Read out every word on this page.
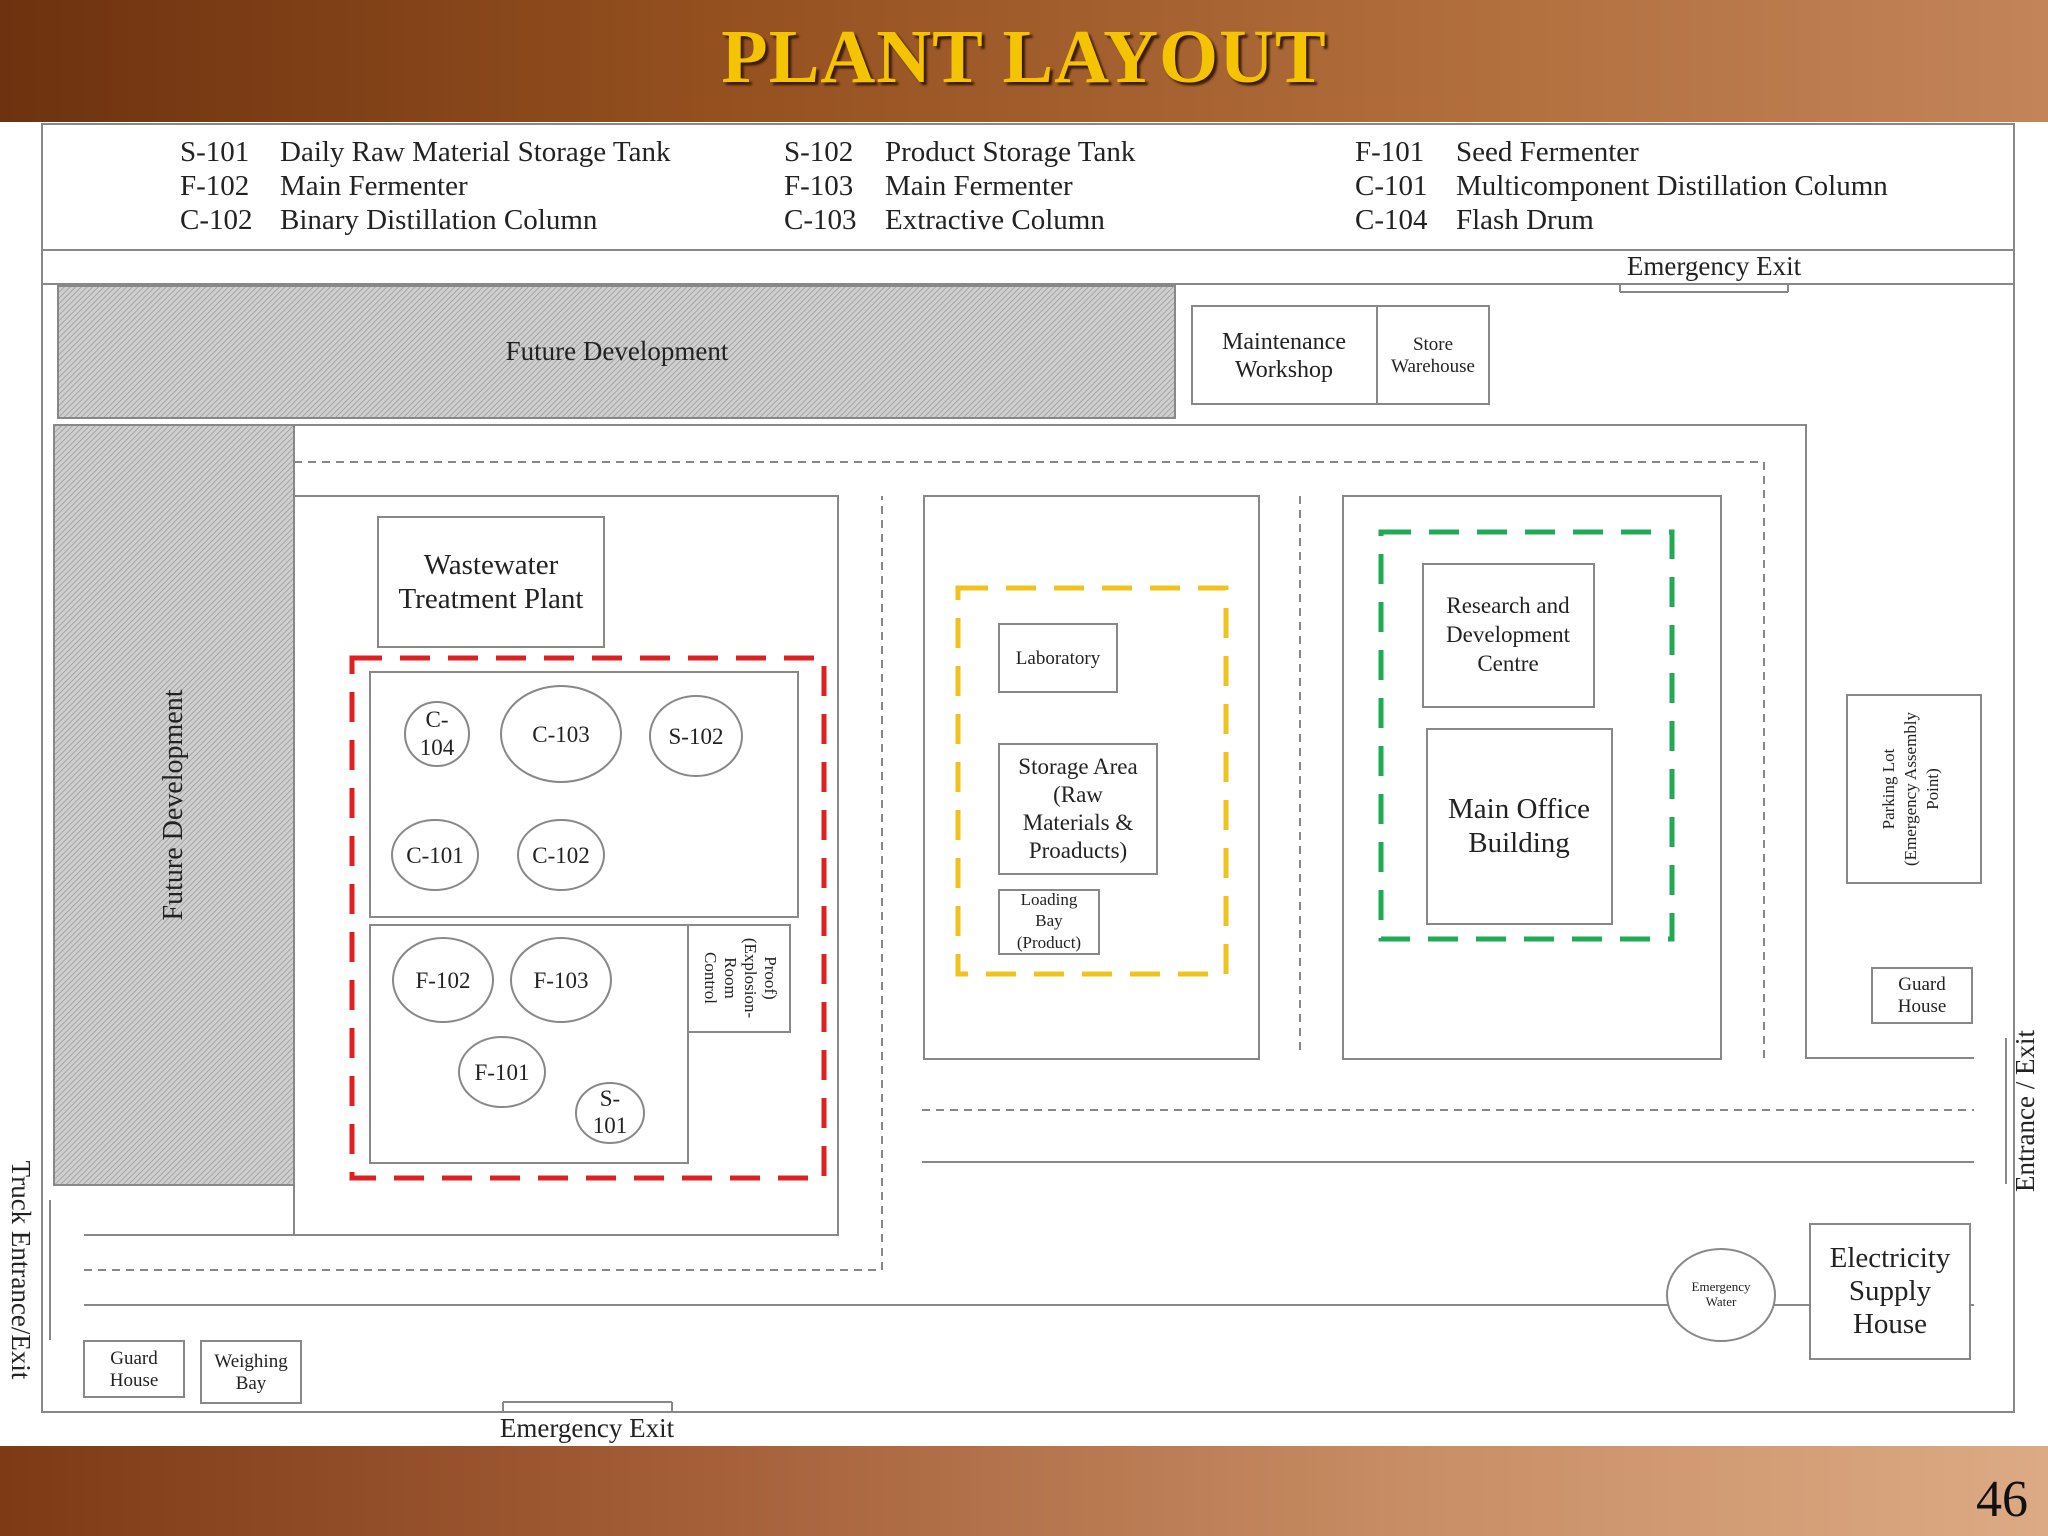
PLANT LAYOUT
46
S-101 Daily Raw Material Storage Tank	S-102 Product Storage Tank	F-101 Seed Fermenter
F-102 Main Fermenter	F-103 Main Fermenter	C-101 Multicomponent Distillation Column
C-102 Binary Distillation Column	C-103 Extractive Column	C-104 Flash Drum
Emergency Exit
Future Development	Maintenance
Workshop
Store
Warehouse
Future Development
Wastewater
Treatment Plant
Control Room (Explosion- Proof)
C-
104
C-103	S-102
C-101	C-102
F-102	F-103
F-101
S-
101
Laboratory
Storage Area
(Raw
Materials &
Proaducts)
Loading
Bay
(Product)
Research and
Development
Centre
Main Office
Building
Parking Lot (Emergency Assembly Point)
Guard
House
Entrance / Exit
Emergency
Water
Electricity
Supply
House
Guard
House
Weighing
Bay
Truck Entrance/Exit
Emergency Exit
